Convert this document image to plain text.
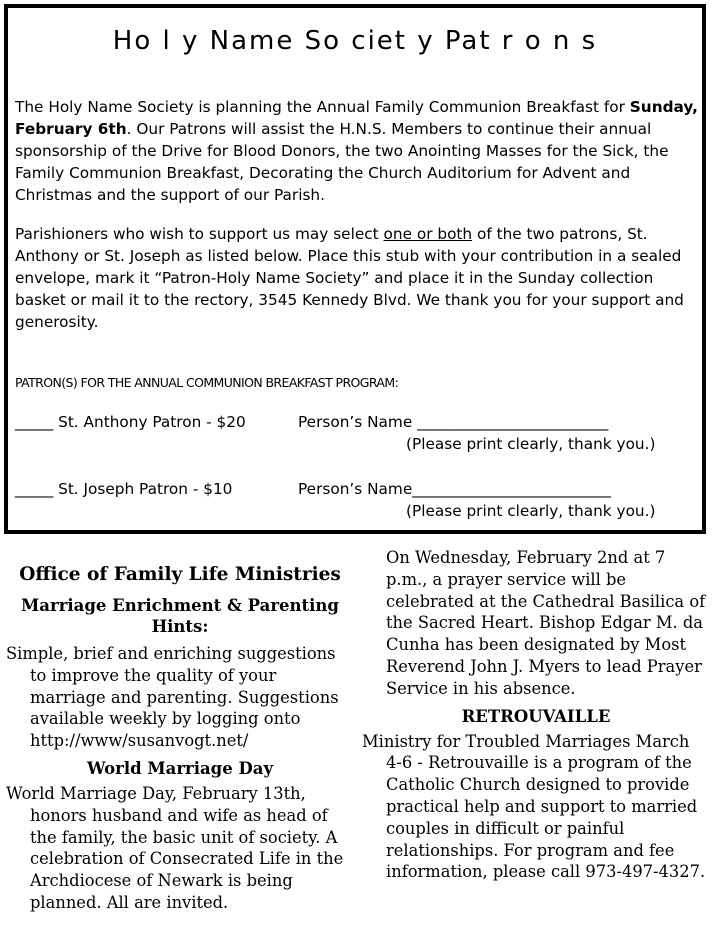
Ho l y Name So ciet y Pat r o n s
The Holy Name Society is planning the Annual Family Communion Breakfast for Sunday, February 6th. Our Patrons will assist the H.N.S. Members to continue their annual sponsorship of the Drive for Blood Donors, the two Anointing Masses for the Sick, the Family Communion Breakfast, Decorating the Church Auditorium for Advent and Christmas and the support of our Parish.
Parishioners who wish to support us may select one or both of the two patrons, St. Anthony or St. Joseph as listed below. Place this stub with your contribution in a sealed envelope, mark it “Patron-Holy Name Society” and place it in the Sunday collection basket or mail it to the rectory, 3545 Kennedy Blvd. We thank you for your support and generosity.
PATRON(S) FOR THE ANNUAL COMMUNION BREAKFAST PROGRAM:
_____ St. Anthony Patron - $20	Person’s Name _________________________
(Please print clearly, thank you.)
_____ St. Joseph Patron - $10	Person’s Name__________________________
(Please print clearly, thank you.)
Office of Family Life Ministries
Marriage Enrichment & Parenting Hints:

Simple, brief and enriching suggestions to improve the quality of your marriage and parenting. Suggestions available weekly by logging onto http://www/susanvogt.net/

World Marriage Day

World Marriage Day, February 13th, honors husband and wife as head of the family, the basic unit of society. A celebration of Consecrated Life in the Archdiocese of Newark is being planned. All are invited.

On Wednesday, February 2nd at 7 p.m., a prayer service will be celebrated at the Cathedral Basilica of the Sacred Heart. Bishop Edgar M. da Cunha has been designated by Most Reverend John J. Myers to lead Prayer Service in his absence.

RETROUVAILLE

Ministry for Troubled Marriages March 4-6 - Retrouvaille is a program of the Catholic Church designed to provide practical help and support to married couples in difficult or painful relationships. For program and fee information, please call 973-497-4327.
